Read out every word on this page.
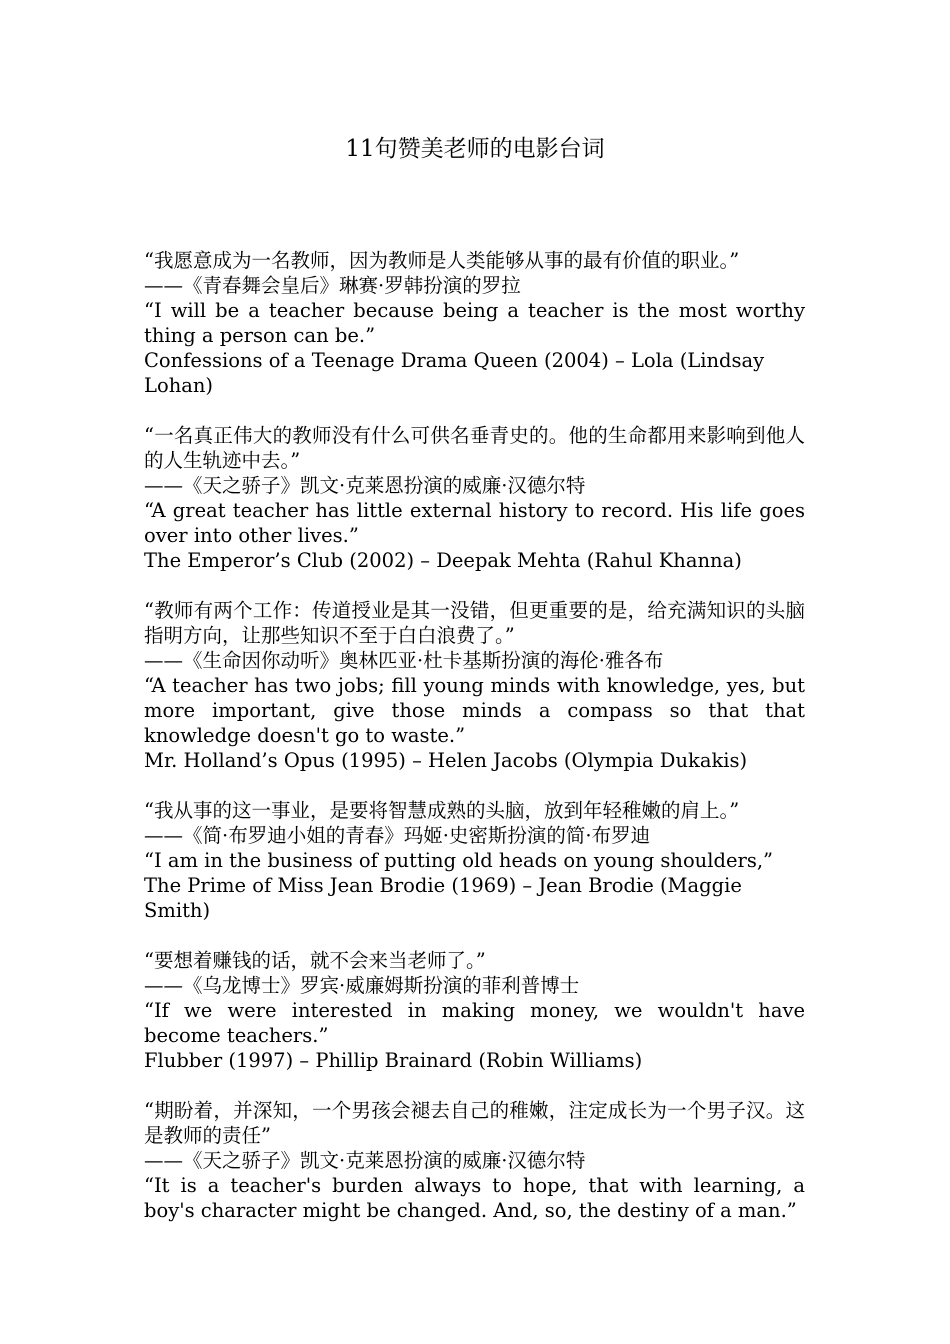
11句赞美老师的电影台词

“我愿意成为一名教师，因为教师是人类能够从事的最有价值的职业。”

——《青春舞会皇后》琳赛·罗韩扮演的罗拉

“I will be a teacher because being a teacher is the most worthy thing a person can be.”

Confessions of a Teenage Drama Queen (2004) – Lola (Lindsay Lohan)

“一名真正伟大的教师没有什么可供名垂青史的。他的生命都用来影响到他人的人生轨迹中去。”

——《天之骄子》凯文·克莱恩扮演的威廉·汉德尔特

“A great teacher has little external history to record. His life goes over into other lives.”

The Emperor’s Club (2002) – Deepak Mehta (Rahul Khanna)

“教师有两个工作：传道授业是其一没错，但更重要的是，给充满知识的头脑指明方向，让那些知识不至于白白浪费了。”

——《生命因你动听》奥林匹亚·杜卡基斯扮演的海伦·雅各布

“A teacher has two jobs; fill young minds with knowledge, yes, but more important, give those minds a compass so that that knowledge doesn't go to waste.”

Mr. Holland’s Opus (1995) – Helen Jacobs (Olympia Dukakis)

“我从事的这一事业，是要将智慧成熟的头脑，放到年轻稚嫩的肩上。”

——《简·布罗迪小姐的青春》玛姬·史密斯扮演的简·布罗迪

“I am in the business of putting old heads on young shoulders,”

The Prime of Miss Jean Brodie (1969) – Jean Brodie (Maggie Smith)

“要想着赚钱的话，就不会来当老师了。”

——《乌龙博士》罗宾·威廉姆斯扮演的菲利普博士

“If we were interested in making money, we wouldn't have become teachers.”

Flubber (1997) – Phillip Brainard (Robin Williams)

“期盼着，并深知，一个男孩会褪去自己的稚嫩，注定成长为一个男子汉。这是教师的责任”

——《天之骄子》凯文·克莱恩扮演的威廉·汉德尔特

“It is a teacher's burden always to hope, that with learning, a boy's character might be changed. And, so, the destiny of a man.”
